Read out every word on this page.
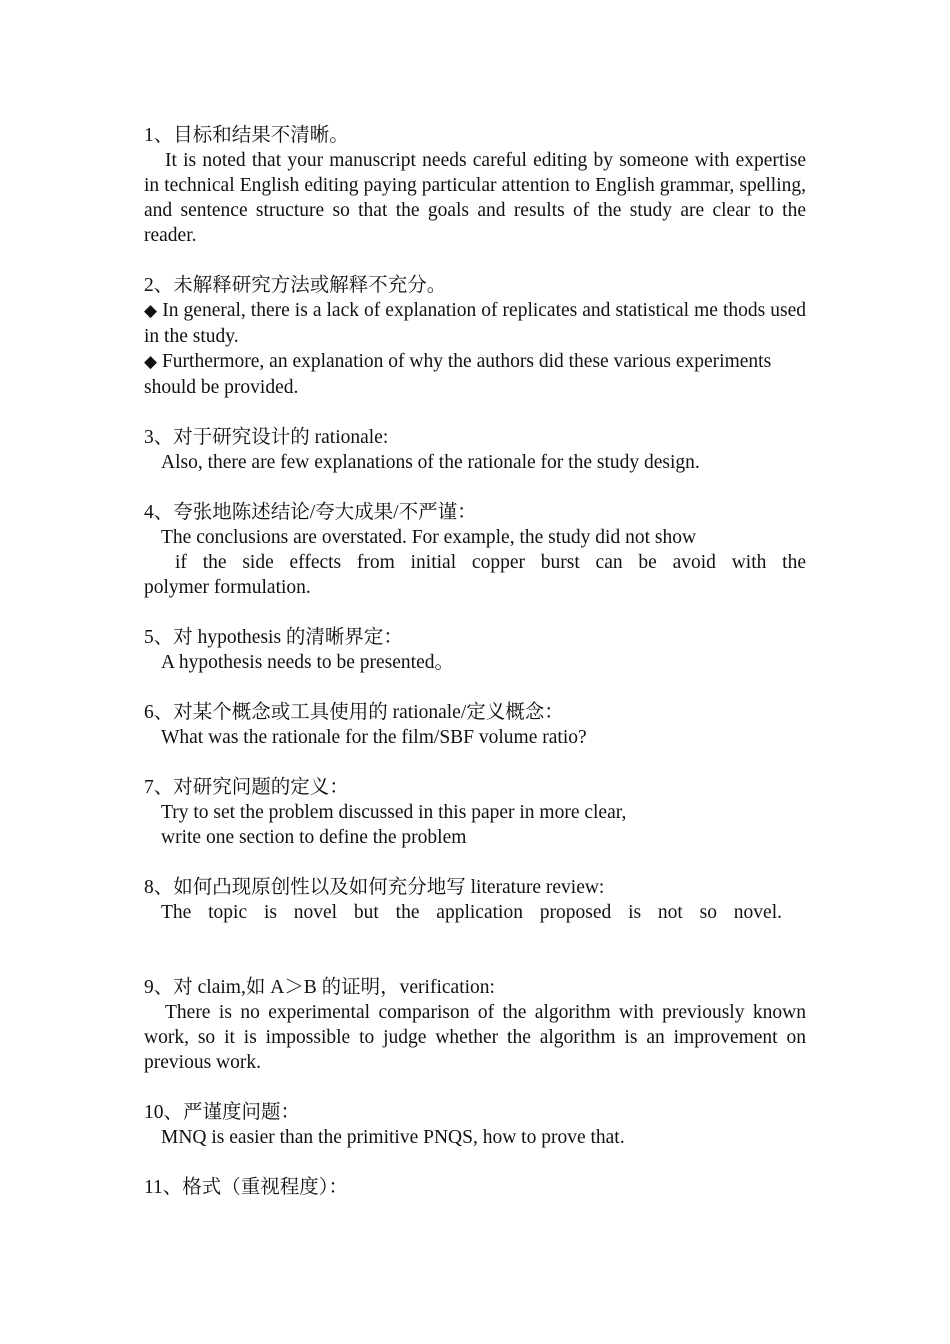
1、目标和结果不清晰。
It is noted that your manuscript needs careful editing by someone with expertise in technical English editing paying particular attention to English grammar, spelling, and sentence structure so that the goals and results of the study are clear to the reader.
2、未解释研究方法或解释不充分。
◆ In general, there is a lack of explanation of replicates and statistical me thods used in the study.
◆ Furthermore, an explanation of why the authors did these various experiments
should be provided.
3、对于研究设计的 rationale:
Also, there are few explanations of the rationale for the study design.
4、夸张地陈述结论/夸大成果/不严谨：
The conclusions are overstated. For example, the study did not show
if the side effects from initial copper burst can be avoid with the
polymer formulation.
5、对 hypothesis 的清晰界定：
A hypothesis needs to be presented。
6、对某个概念或工具使用的 rationale/定义概念：
What was the rationale for the film/SBF volume ratio?
7、对研究问题的定义：
Try to set the problem discussed in this paper in more clear,
write one section to define the problem
8、如何凸现原创性以及如何充分地写 literature review:
The topic is novel but the application proposed is not so novel.
9、对 claim,如 A＞B 的证明，verification:
There is no experimental comparison of the algorithm with previously known work, so it is impossible to judge whether the algorithm is an improvement on previous work.
10、严谨度问题：
MNQ is easier than the primitive PNQS, how to prove that.
11、格式（重视程度）：
